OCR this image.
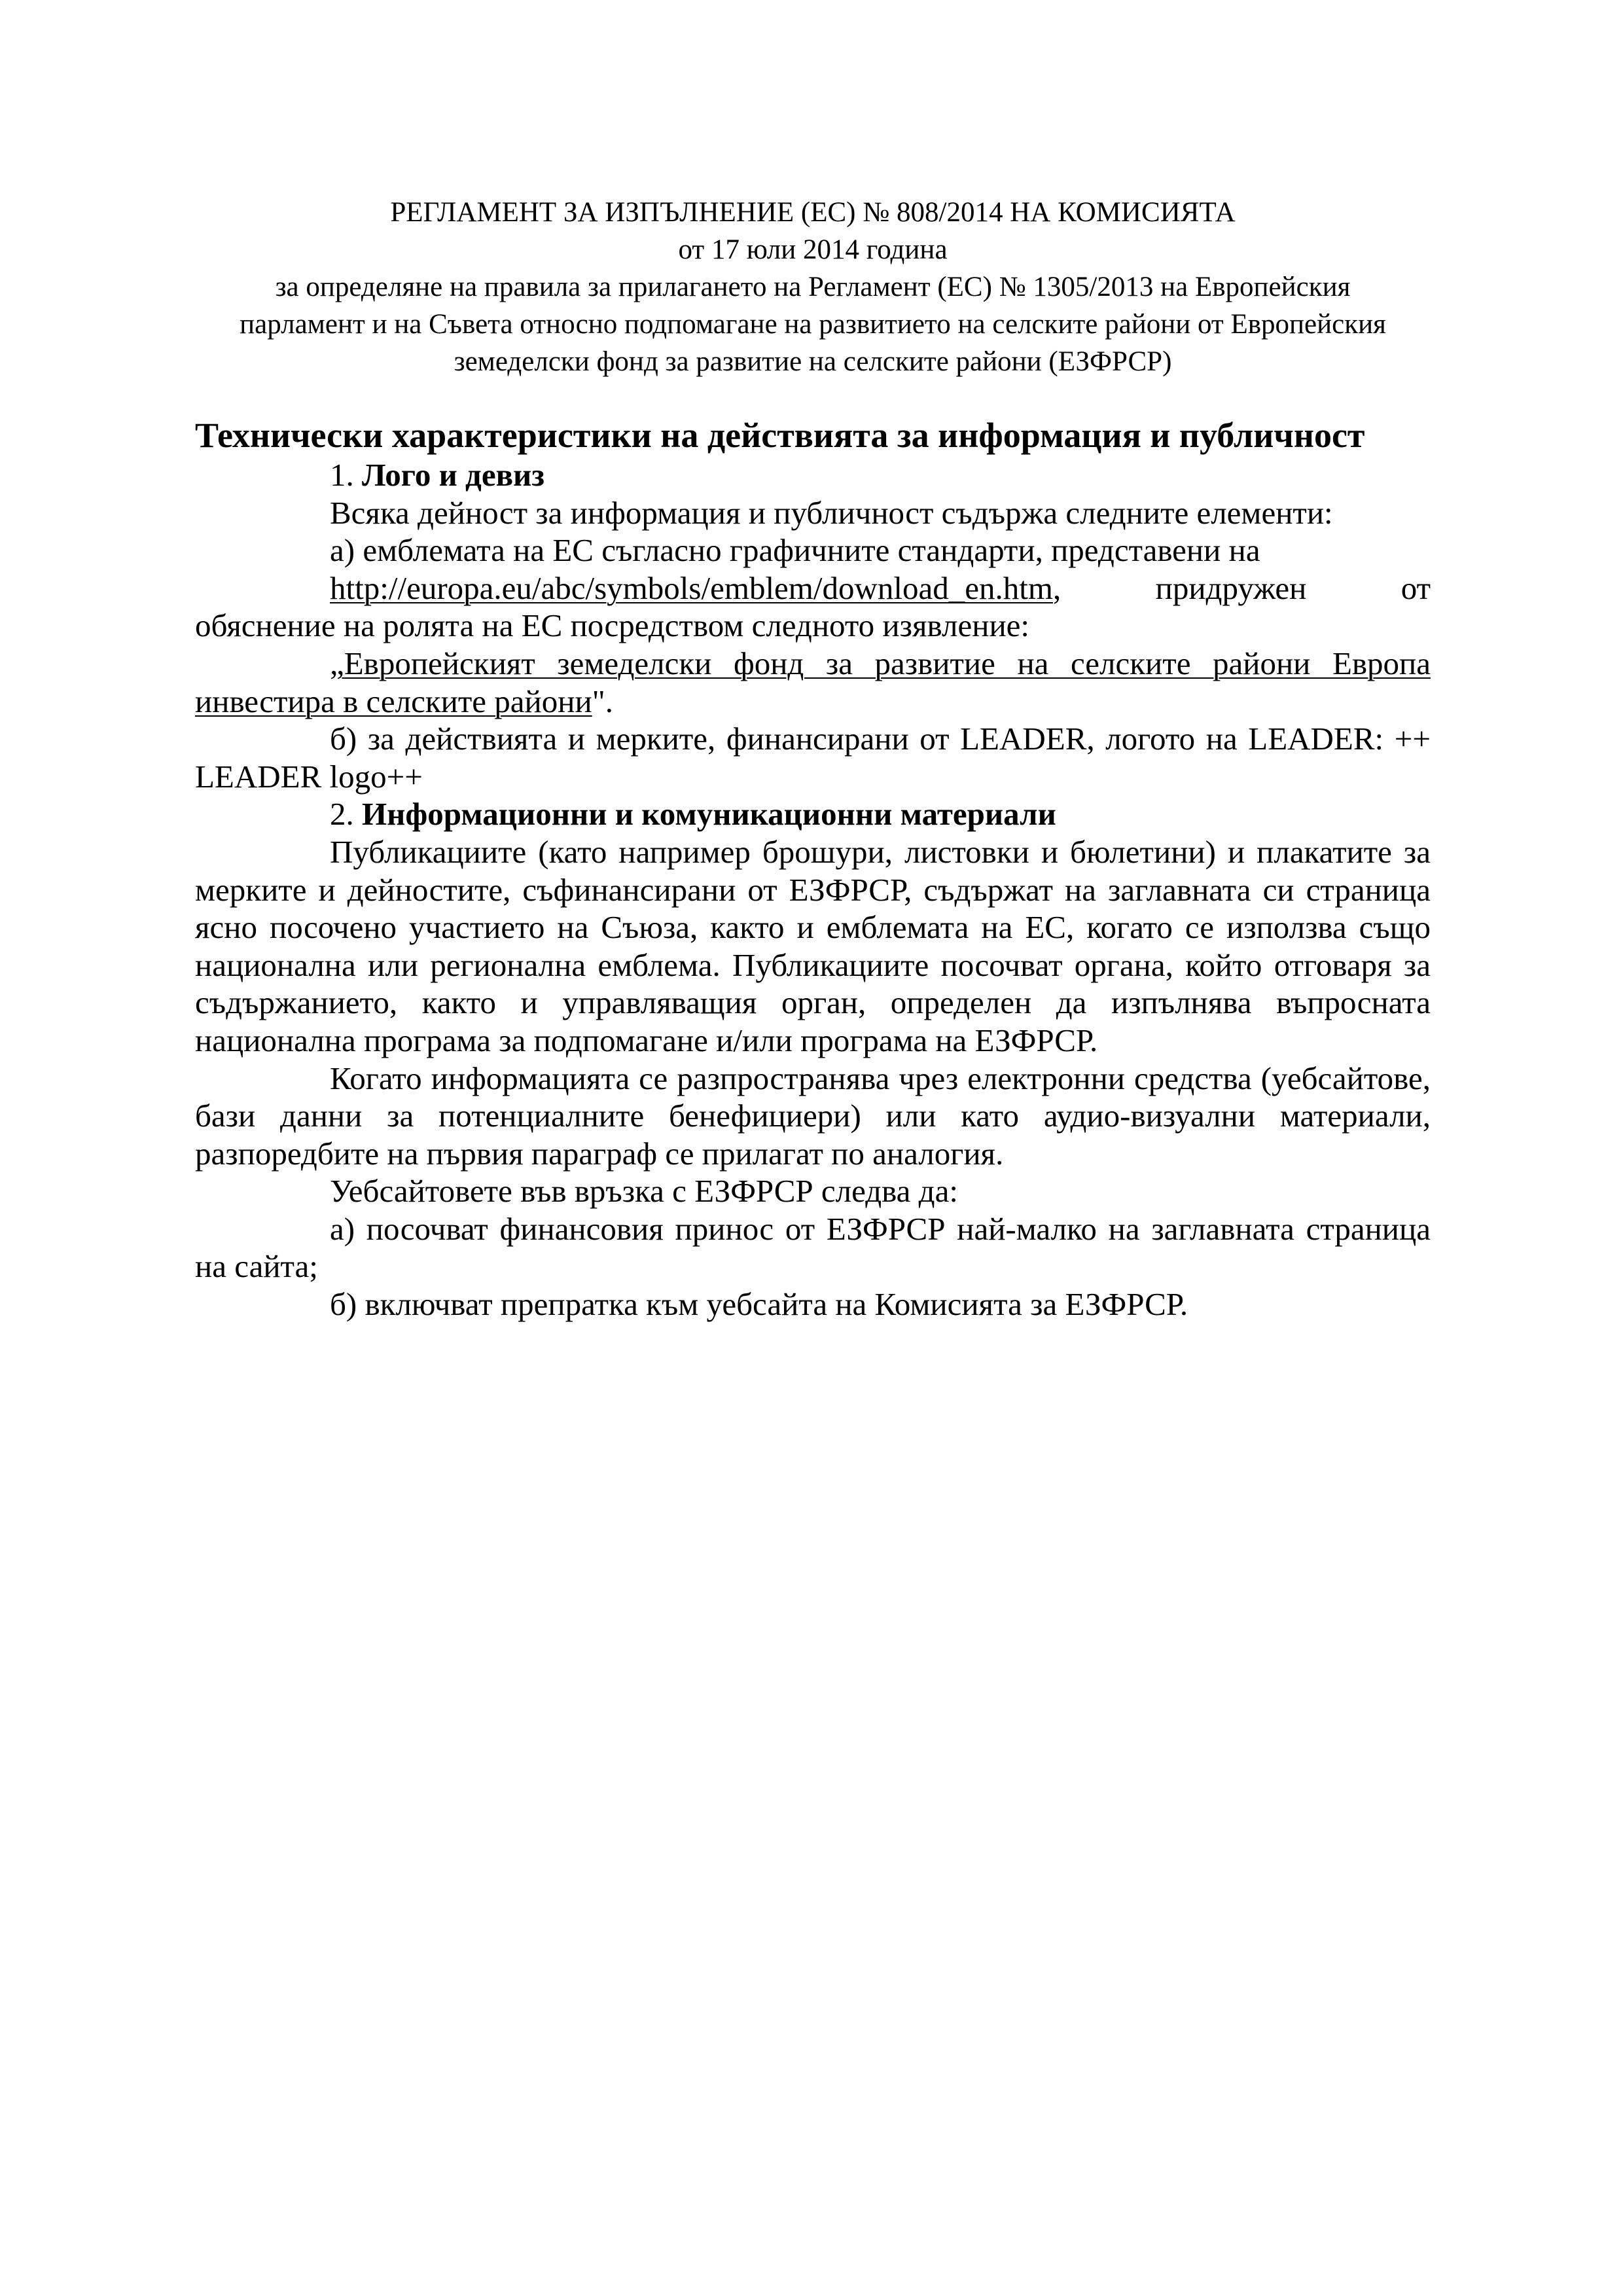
РЕГЛАМЕНТ ЗА ИЗПЪЛНЕНИЕ (ЕС) № 808/2014 НА КОМИСИЯТА
от 17 юли 2014 година
за определяне на правила за прилагането на Регламент (ЕС) № 1305/2013 на Европейския
парламент и на Съвета относно подпомагане на развитието на селските райони от Европейския
земеделски фонд за развитие на селските райони (ЕЗФРСР)
Технически характеристики на действията за информация и публичност

1. Лого и девиз

Всяка дейност за информация и публичност съдържа следните елементи:

а) емблемата на ЕС съгласно графичните стандарти, представени на

http://europa.eu/abc/symbols/emblem/download_en.htm, придружен от

обяснение на ролята на ЕС посредством следното изявление:

„Европейският земеделски фонд за развитие на селските райони Европа инвестира в селските райони".

б) за действията и мерките, финансирани от LEADER, логото на LEADER: ++ LEADER logo++

2. Информационни и комуникационни материали

Публикациите (като например брошури, листовки и бюлетини) и плакатите за мерките и дейностите, съфинансирани от ЕЗФРСР, съдържат на заглавната си страница ясно посочено участието на Съюза, както и емблемата на ЕС, когато се използва също национална или регионална емблема. Публикациите посочват органа, който отговаря за съдържанието, както и управляващия орган, определен да изпълнява въпросната национална програма за подпомагане и/или програма на ЕЗФРСР.

Когато информацията се разпространява чрез електронни средства (уебсайтове, бази данни за потенциалните бенефициери) или като аудио-визуални материали, разпоредбите на първия параграф се прилагат по аналогия.

Уебсайтовете във връзка с ЕЗФРСР следва да:

а) посочват финансовия принос от ЕЗФРСР най-малко на заглавната страница на сайта;

б) включват препратка към уебсайта на Комисията за ЕЗФРСР.
